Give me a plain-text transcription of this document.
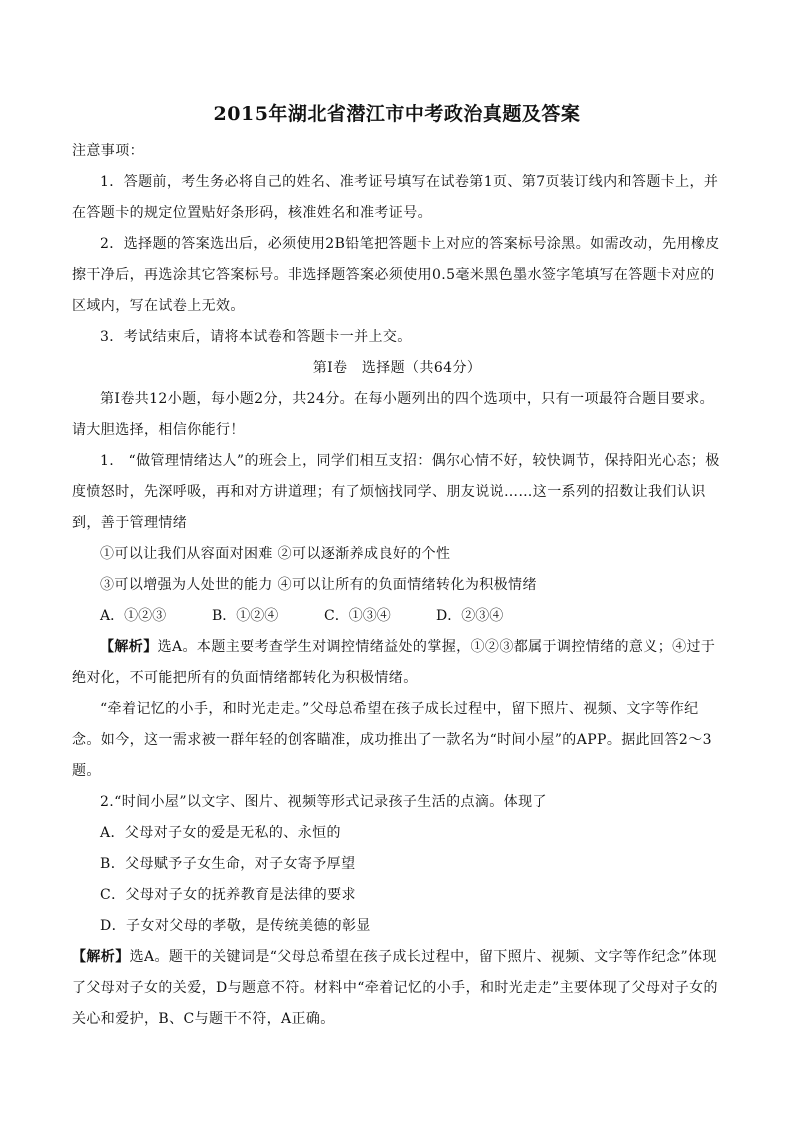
2015年湖北省潜江市中考政治真题及答案

注意事项：

1．答题前，考生务必将自己的姓名、准考证号填写在试卷第1页、第7页装订线内和答题卡上，并在答题卡的规定位置贴好条形码，核准姓名和准考证号。

2．选择题的答案选出后，必须使用2B铅笔把答题卡上对应的答案标号涂黑。如需改动，先用橡皮擦干净后，再选涂其它答案标号。非选择题答案必须使用0.5毫米黑色墨水签字笔填写在答题卡对应的区域内，写在试卷上无效。

3．考试结束后，请将本试卷和答题卡一并上交。

第Ⅰ卷　选择题（共64分）

第Ⅰ卷共12小题，每小题2分，共24分。在每小题列出的四个选项中，只有一项最符合题目要求。请大胆选择，相信你能行！

1.　“做管理情绪达人”的班会上，同学们相互支招：偶尔心情不好，较快调节，保持阳光心态；极度愤怒时，先深呼吸，再和对方讲道理；有了烦恼找同学、朋友说说……这一系列的招数让我们认识到，善于管理情绪

①可以让我们从容面对困难 ②可以逐渐养成良好的个性

③可以增强为人处世的能力 ④可以让所有的负面情绪转化为积极情绪

A．①②③	B．①②④	C．①③④	D．②③④

【解析】选A。本题主要考查学生对调控情绪益处的掌握，①②③都属于调控情绪的意义；④过于绝对化，不可能把所有的负面情绪都转化为积极情绪。

“牵着记忆的小手，和时光走走。”父母总希望在孩子成长过程中，留下照片、视频、文字等作纪念。如今，这一需求被一群年轻的创客瞄准，成功推出了一款名为“时间小屋”的APP。据此回答2～3题。

2.“时间小屋”以文字、图片、视频等形式记录孩子生活的点滴。体现了

A．父母对子女的爱是无私的、永恒的

B．父母赋予子女生命，对子女寄予厚望

C．父母对子女的抚养教育是法律的要求

D．子女对父母的孝敬，是传统美德的彰显

【解析】选A。题干的关键词是“父母总希望在孩子成长过程中，留下照片、视频、文字等作纪念”体现了父母对子女的关爱，D与题意不符。材料中“牵着记忆的小手，和时光走走”主要体现了父母对子女的关心和爱护，B、C与题干不符，A正确。
